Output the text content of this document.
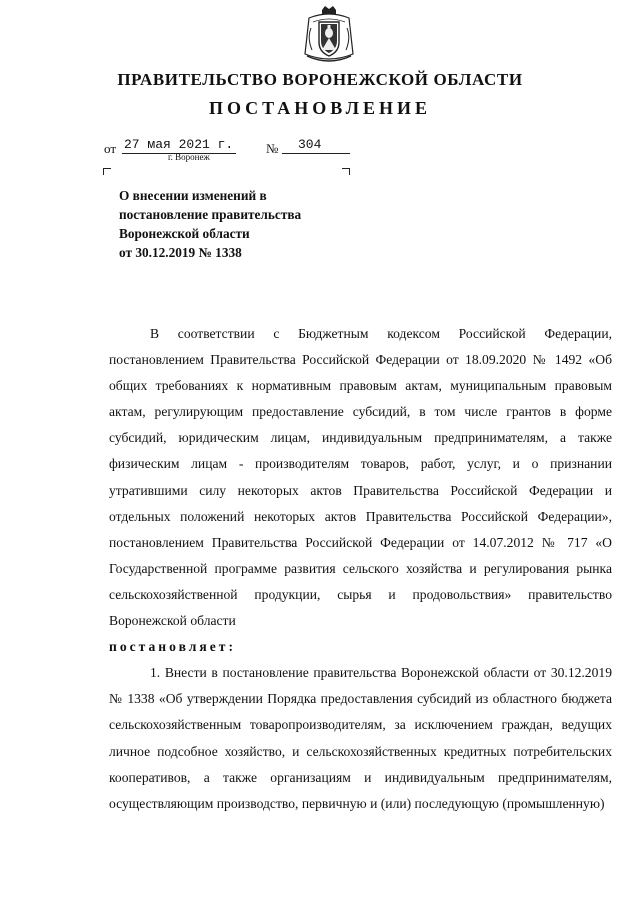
ПРАВИТЕЛЬСТВО ВОРОНЕЖСКОЙ ОБЛАСТИ
ПОСТАНОВЛЕНИЕ
от 27 мая 2021 г.	№	304
г. Воронеж
О внесении изменений в
постановление правительства
Воронежской области
от 30.12.2019 № 1338

В соответствии с Бюджетным кодексом Российской Федерации, постановлением Правительства Российской Федерации от 18.09.2020 № 1492 «Об общих требованиях к нормативным правовым актам, муниципальным правовым актам, регулирующим предоставление субсидий, в том числе грантов в форме субсидий, юридическим лицам, индивидуальным предпринимателям, а также физическим лицам - производителям товаров, работ, услуг, и о признании утратившими силу некоторых актов Правительства Российской Федерации и отдельных положений некоторых актов Правительства Российской Федерации», постановлением Правительства Российской Федерации от 14.07.2012 № 717 «О Государственной программе развития сельского хозяйства и регулирования рынка сельскохозяйственной продукции, сырья и продовольствия» правительство Воронежской области

постановляет:

1. Внести в постановление правительства Воронежской области от 30.12.2019 № 1338 «Об утверждении Порядка предоставления субсидий из областного бюджета сельскохозяйственным товаропроизводителям, за исключением граждан, ведущих личное подсобное хозяйство, и сельскохозяйственных кредитных потребительских кооперативов, а также организациям и индивидуальным предпринимателям, осуществляющим производство, первичную и (или) последующую (промышленную)
